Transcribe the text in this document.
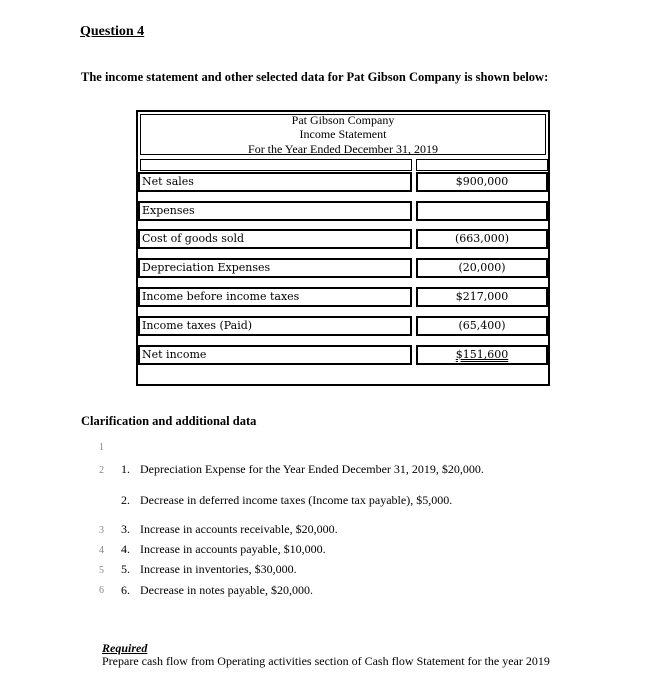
Question 4
The income statement and other selected data for Pat Gibson Company is shown below:
Pat Gibson Company
Income Statement
For the Year Ended December 31, 2019
Net sales	$900,000
Expenses
Cost of goods sold	(663,000)
Depreciation Expenses	(20,000)
Income before income taxes	$217,000
Income taxes (Paid)	(65,400)
Net income	$151,600
Clarification and additional data
1
2
3
4
5
6
1. Depreciation Expense for the Year Ended December 31, 2019, $20,000.
2. Decrease in deferred income taxes (Income tax payable), $5,000.
3. Increase in accounts receivable, $20,000.
4. Increase in accounts payable, $10,000.
5. Increase in inventories, $30,000.
6. Decrease in notes payable, $20,000.
Required
Prepare cash flow from Operating activities section of Cash flow Statement for the year 2019
